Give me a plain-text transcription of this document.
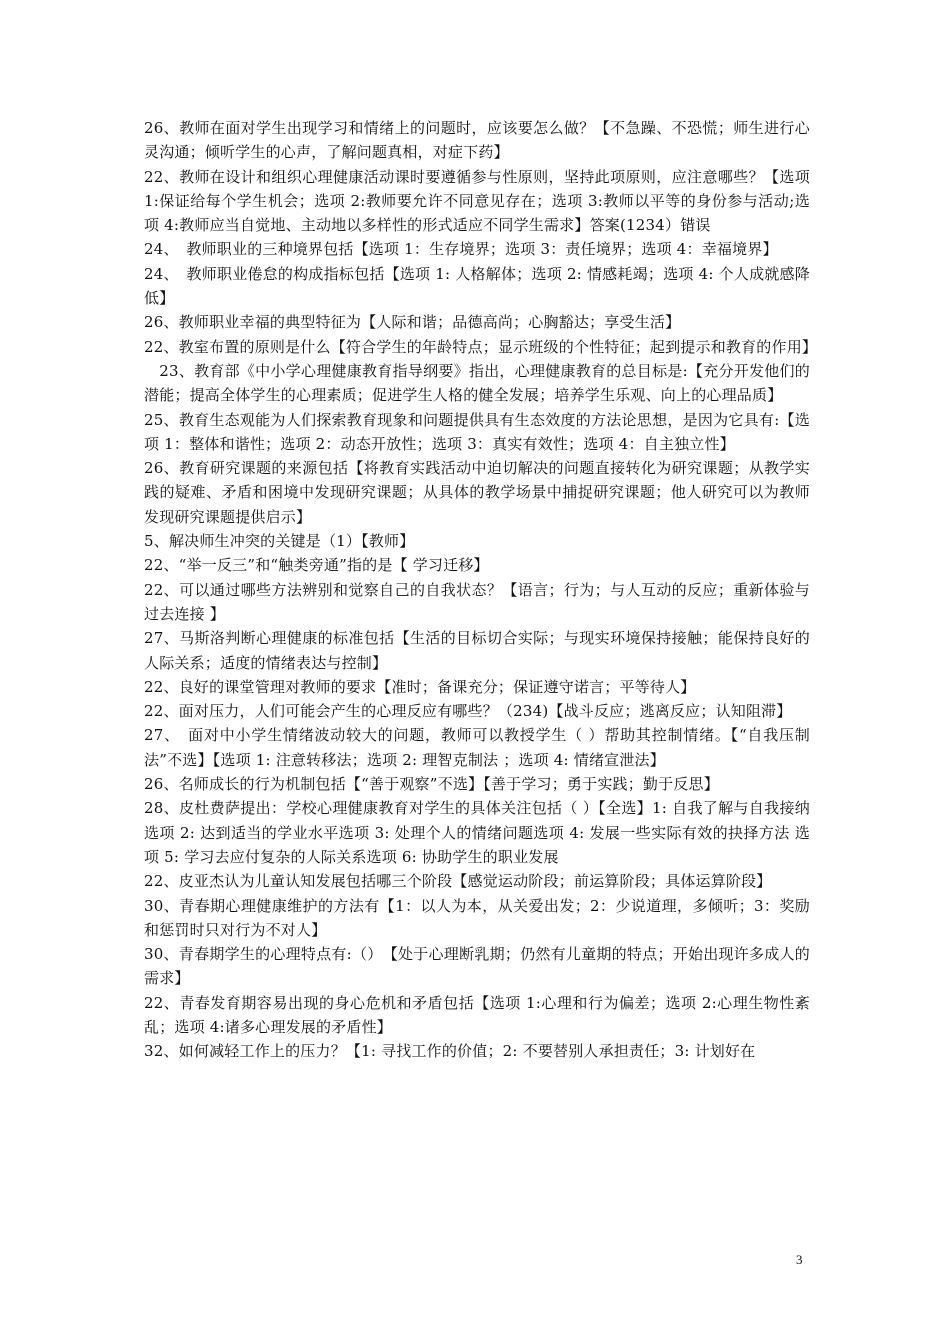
26、教师在面对学生出现学习和情绪上的问题时，应该要怎么做？【不急躁、不恐慌；师生进行心灵沟通；倾听学生的心声，了解问题真相，对症下药】

22、教师在设计和组织心理健康活动课时要遵循参与性原则，坚持此项原则，应注意哪些？【选项 1:保证给每个学生机会；选项 2:教师要允许不同意见存在；选项 3:教师以平等的身份参与活动;选项 4:教师应当自觉地、主动地以多样性的形式适应不同学生需求】答案(1234）错误

24、　教师职业的三种境界包括【选项 1：生存境界；选项 3：责任境界；选项 4：幸福境界】

24、　教师职业倦怠的构成指标包括【选项 1: 人格解体；选项 2: 情感耗竭；选项 4: 个人成就感降低】

26、教师职业幸福的典型特征为【人际和谐；品德高尚；心胸豁达；享受生活】

22、教室布置的原则是什么【符合学生的年龄特点；显示班级的个性特征；起到提示和教育的作用】

　23、教育部《中小学心理健康教育指导纲要》指出，心理健康教育的总目标是:【充分开发他们的潜能；提高全体学生的心理素质；促进学生人格的健全发展；培养学生乐观、向上的心理品质】

25、教育生态观能为人们探索教育现象和问题提供具有生态效度的方法论思想，是因为它具有:【选项 1：整体和谐性；选项 2：动态开放性；选项 3：真实有效性；选项 4：自主独立性】

26、教育研究课题的来源包括【将教育实践活动中迫切解决的问题直接转化为研究课题；从教学实践的疑难、矛盾和困境中发现研究课题；从具体的教学场景中捕捉研究课题；他人研究可以为教师发现研究课题提供启示】

5、解决师生冲突的关键是（1）【教师】

22、“举一反三”和“触类旁通”指的是【 学习迁移】

22、可以通过哪些方法辨别和觉察自己的自我状态？【语言；行为；与人互动的反应；重新体验与过去连接 】

27、马斯洛判断心理健康的标准包括【生活的目标切合实际；与现实环境保持接触；能保持良好的人际关系；适度的情绪表达与控制】

22、良好的课堂管理对教师的要求【准时；备课充分；保证遵守诺言；平等待人】

22、面对压力，人们可能会产生的心理反应有哪些？（234)【战斗反应；逃离反应；认知阻滞】

27、　面对中小学生情绪波动较大的问题，教师可以教授学生（ ）帮助其控制情绪。【“自我压制法”不选】【选项 1: 注意转移法；选项 2: 理智克制法 ；选项 4: 情绪宣泄法】

26、名师成长的行为机制包括【“善于观察”不选】【善于学习；勇于实践；勤于反思】

28、皮杜费萨提出：学校心理健康教育对学生的具体关注包括（ ）【全选】1: 自我了解与自我接纳 选项 2: 达到适当的学业水平选项 3: 处理个人的情绪问题选项 4: 发展一些实际有效的抉择方法 选项 5: 学习去应付复杂的人际关系选项 6: 协助学生的职业发展

22、皮亚杰认为儿童认知发展包括哪三个阶段【感觉运动阶段；前运算阶段；具体运算阶段】

30、青春期心理健康维护的方法有【1：以人为本，从关爱出发；2：少说道理，多倾听；3：奖励和惩罚时只对行为不对人】

30、青春期学生的心理特点有:（）　【处于心理断乳期；仍然有儿童期的特点；开始出现许多成人的需求】

22、青春发育期容易出现的身心危机和矛盾包括【选项 1:心理和行为偏差；选项 2:心理生物性紊乱；选项 4:诸多心理发展的矛盾性】

32、如何减轻工作上的压力？【1: 寻找工作的价值；2: 不要替别人承担责任；3: 计划好在

3
